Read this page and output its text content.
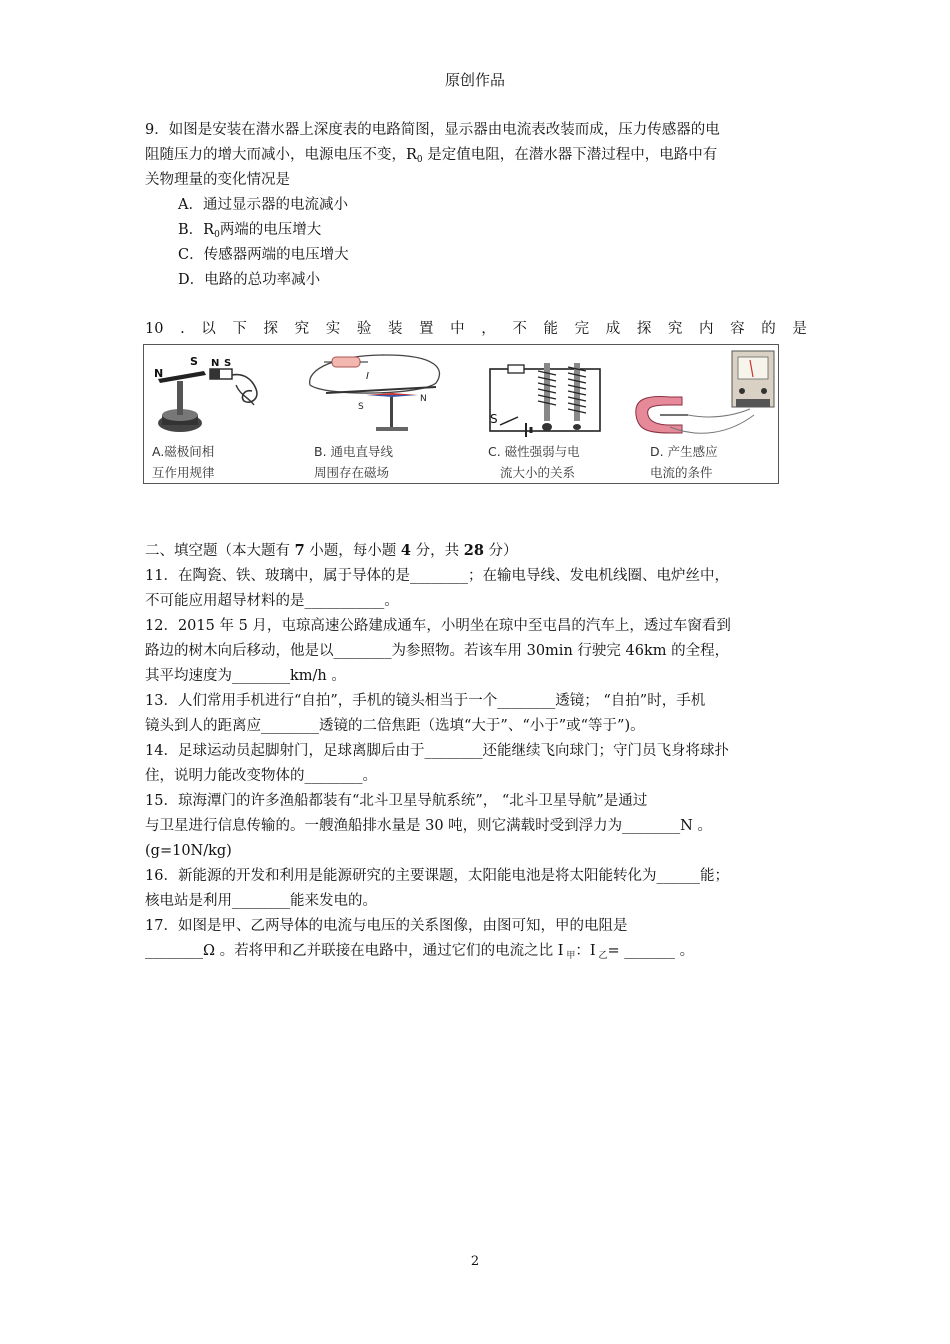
原创作品
9．如图是安装在潜水器上深度表的电路简图，显示器由电流表改装而成，压力传感器的电
阻随压力的增大而减小，电源电压不变，$R_0$ 是定值电阻，在潜水器下潜过程中，电路中有
关物理量的变化情况是
A．通过显示器的电流减小
B．$R_0$两端的电压增大
C．传感器两端的电压增大
D．电路的总功率减小
10 . 以 下 探 究 实 验 装 置 中 ， 不 能 完 成 探 究 内 容 的 是
N
S N S
A.磁极间相
互作用规律
I
S
N
B. 通电直导线
周围存在磁场
S
C. 磁性强弱与电
流大小的关系
D. 产生感应
电流的条件
二、填空题（本大题有 7 小题，每小题 4 分，共 28 分）
11．在陶瓷、铁、玻璃中，属于导体的是________；在输电导线、发电机线圈、电炉丝中，
不可能应用超导材料的是___________。
12．2015 年 5 月，屯琼高速公路建成通车，小明坐在琼中至屯昌的汽车上，透过车窗看到
路边的树木向后移动，他是以________为参照物。若该车用 30min 行驶完 46km 的全程，
其平均速度为________km/h 。
13．人们常用手机进行“自拍”，手机的镜头相当于一个________透镜； “自拍”时，手机
镜头到人的距离应________透镜的二倍焦距（选填“大于”、“小于”或“等于”)。
14．足球运动员起脚射门，足球离脚后由于________还能继续飞向球门；守门员飞身将球扑
住，说明力能改变物体的________。
15．琼海潭门的许多渔船都装有“北斗卫星导航系统”， “北斗卫星导航”是通过
与卫星进行信息传输的。一艘渔船排水量是 30 吨，则它满载时受到浮力为________N 。
(g=10N/kg)
16．新能源的开发和利用是能源研究的主要课题，太阳能电池是将太阳能转化为______能；
核电站是利用________能来发电的。
17．如图是甲、乙两导体的电流与电压的关系图像，由图可知，甲的电阻是
________Ω 。若将甲和乙并联接在电路中，通过它们的电流之比 I $_甲$：I $_乙$= _______ 。
2
